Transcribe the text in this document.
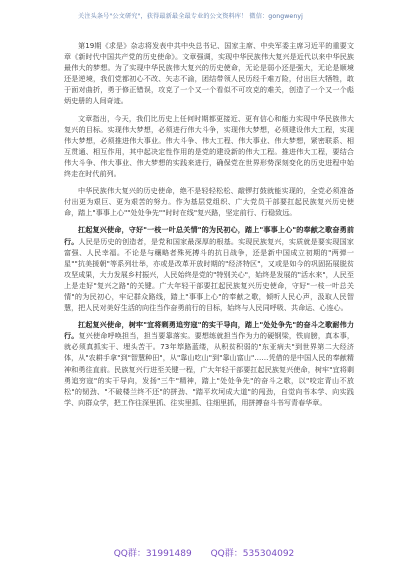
关注头条号"公文研究"，获得最新最全最专业的公文资料库！ 微信：gongwenyj

第19期《求是》杂志将发表中共中央总书记、国家主席、中央军委主席习近平的重要文章《新时代中国共产党的历史使命》。文章强调，实现中华民族伟大复兴是近代以来中华民族最伟大的梦想。为了实现中华民族伟大复兴的历史使命，无论是弱小还是强大，无论是顺境还是逆境，我们党都初心不改、矢志不渝，团结带领人民历经千难万险，付出巨大牺牲，敢于面对曲折，勇于修正错误，攻克了一个又一个看似不可攻克的难关，创造了一个又一个彪炳史册的人间奇迹。

文章指出，今天，我们比历史上任何时期都更接近、更有信心和能力实现中华民族伟大复兴的目标。实现伟大梦想，必须进行伟大斗争，实现伟大梦想，必须建设伟大工程，实现伟大梦想，必须推进伟大事业。伟大斗争、伟大工程、伟大事业、伟大梦想，紧密联系、相互贯通、相互作用，其中起决定性作用的是党的建设新的伟大工程。推进伟大工程，要结合伟大斗争、伟大事业、伟大梦想的实践来进行，确保党在世界形势深刻变化的历史进程中始终走在时代前列。

中华民族伟大复兴的历史使命，绝不是轻轻松松、敲锣打鼓就能实现的，全党必须准备付出更为艰巨、更为艰苦的努力。作为基层党组织、广大党员干部要扛起民族复兴历史使命，踏上"事事上心""处处争先""时时在线"复兴路，坚定前行、行稳致远。

扛起复兴使命，守好"一枝一叶总关情"的为民初心，踏上"事事上心"的奉献之歌奋勇前行。人民是历史的创造者，是党和国家最深厚的根基。实现民族复兴，实质就是要实现国家富强、人民幸福。不论是与穰略者殊死搏斗的抗日战争，还是新中国成立初期的"两弹一星""抗美援朝"等系列壮举，亦或是改革开放时期的"经济特区"，又或是如今的巩固拓展脱贫攻坚成果，大力发展乡村振兴，人民始终是党的"特别关心"，始终是发展的"活水来"，人民至上是走好"复兴之路"的关键。广大年轻干部要扛起民族复兴历史使命，守好"一枝一叶总关情"的为民初心，牢记群众路线，踏上"事事上心"的奉献之歌，倾听人民心声，汲取人民智慧，把人民对美好生活的向往当作奋勇前行的目标，始终与人民同呼吸、共命运、心连心。

扛起复兴使命，树牢"宜将剩勇追穷寇"的实干导向，踏上"处处争先"的奋斗之歌耐伟力行。复兴使命呼唤担当，担当要靠落实。要想练就担当作为力的硬钢梁，铁肩膀，真本事，就必须真抓实干、埋头苦干。73年筚路蓝缕，从积贫积弱的"东亚病夫"到世界第二大经济体，从"农耕手拿"到"智慧种田"，从"靠山吃山"到"靠山富山"……凭借的是中国人民的奉献精神和勇往直前。民族复兴行进至关键一程，广大年轻干部要扛起民族复兴使命，树牢"宜将剩勇追穷寇"的实干导向，发扬"三牛"精神，踏上"处处争先"的奋斗之歌，以"咬定青山不放松"的韧劲、"不破楼兰终不还"的拼劲、"踏平坎坷成大道"的闯劲，自觉向书本学、向实践学、向群众学，把工作往深里抓、往实里抓、往细里抓，用拼搏奋斗书写青春华章。

QQ群：31991489 QQ群：535304092
